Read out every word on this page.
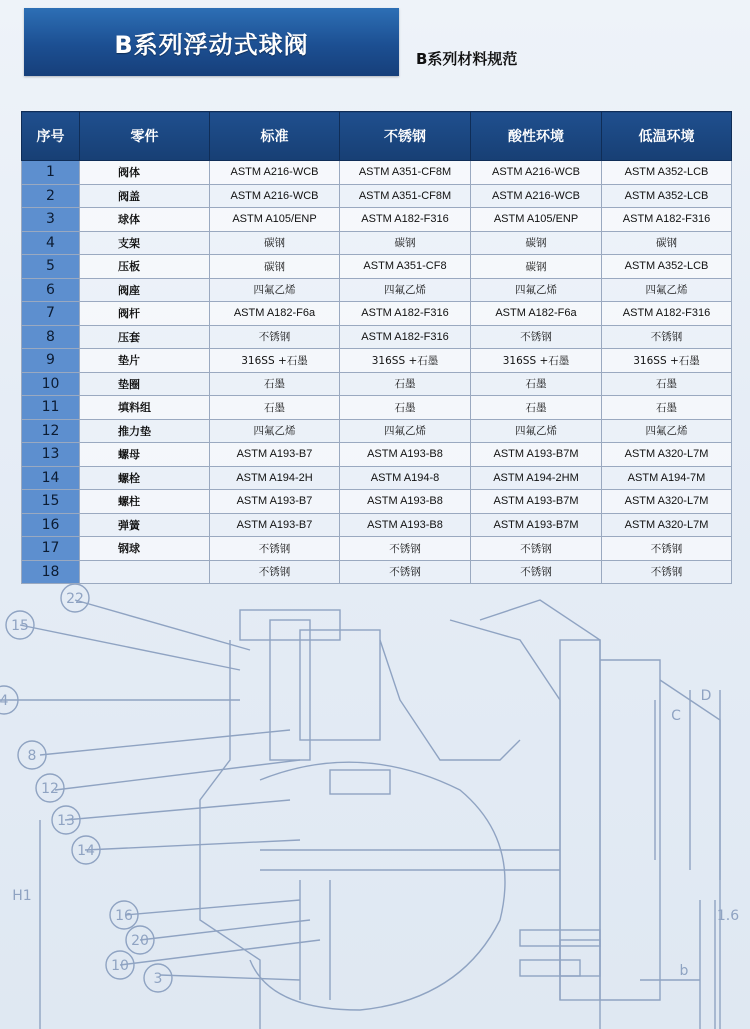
22
15
4
8
12
13
14
16
10
20
3
H1
C
D
1.6
b
B系列浮动式球阀
B系列材料规范
序号	零件	标准	不锈钢	酸性环境	低温环境
1	阀体	ASTM A216-WCB	ASTM A351-CF8M	ASTM A216-WCB	ASTM A352-LCB
2	阀盖	ASTM A216-WCB	ASTM A351-CF8M	ASTM A216-WCB	ASTM A352-LCB
3	球体	ASTM A105/ENP	ASTM A182-F316	ASTM A105/ENP	ASTM A182-F316
4	支架	碳钢	碳钢	碳钢	碳钢
5	压板	碳钢	ASTM A351-CF8	碳钢	ASTM A352-LCB
6	阀座	四氟乙烯	四氟乙烯	四氟乙烯	四氟乙烯
7	阀杆	ASTM A182-F6a	ASTM A182-F316	ASTM A182-F6a	ASTM A182-F316
8	压套	不锈钢	ASTM A182-F316	不锈钢	不锈钢
9	垫片	316SS +石墨	316SS +石墨	316SS +石墨	316SS +石墨
10	垫圈	石墨	石墨	石墨	石墨
11	填料组	石墨	石墨	石墨	石墨
12	推力垫	四氟乙烯	四氟乙烯	四氟乙烯	四氟乙烯
13	螺母	ASTM A193-B7	ASTM A193-B8	ASTM A193-B7M	ASTM A320-L7M
14	螺栓	ASTM A194-2H	ASTM A194-8	ASTM A194-2HM	ASTM A194-7M
15	螺柱	ASTM A193-B7	ASTM A193-B8	ASTM A193-B7M	ASTM A320-L7M
16	弹簧	ASTM A193-B7	ASTM A193-B8	ASTM A193-B7M	ASTM A320-L7M
17	钢球	不锈钢	不锈钢	不锈钢	不锈钢
18		不锈钢	不锈钢	不锈钢	不锈钢
